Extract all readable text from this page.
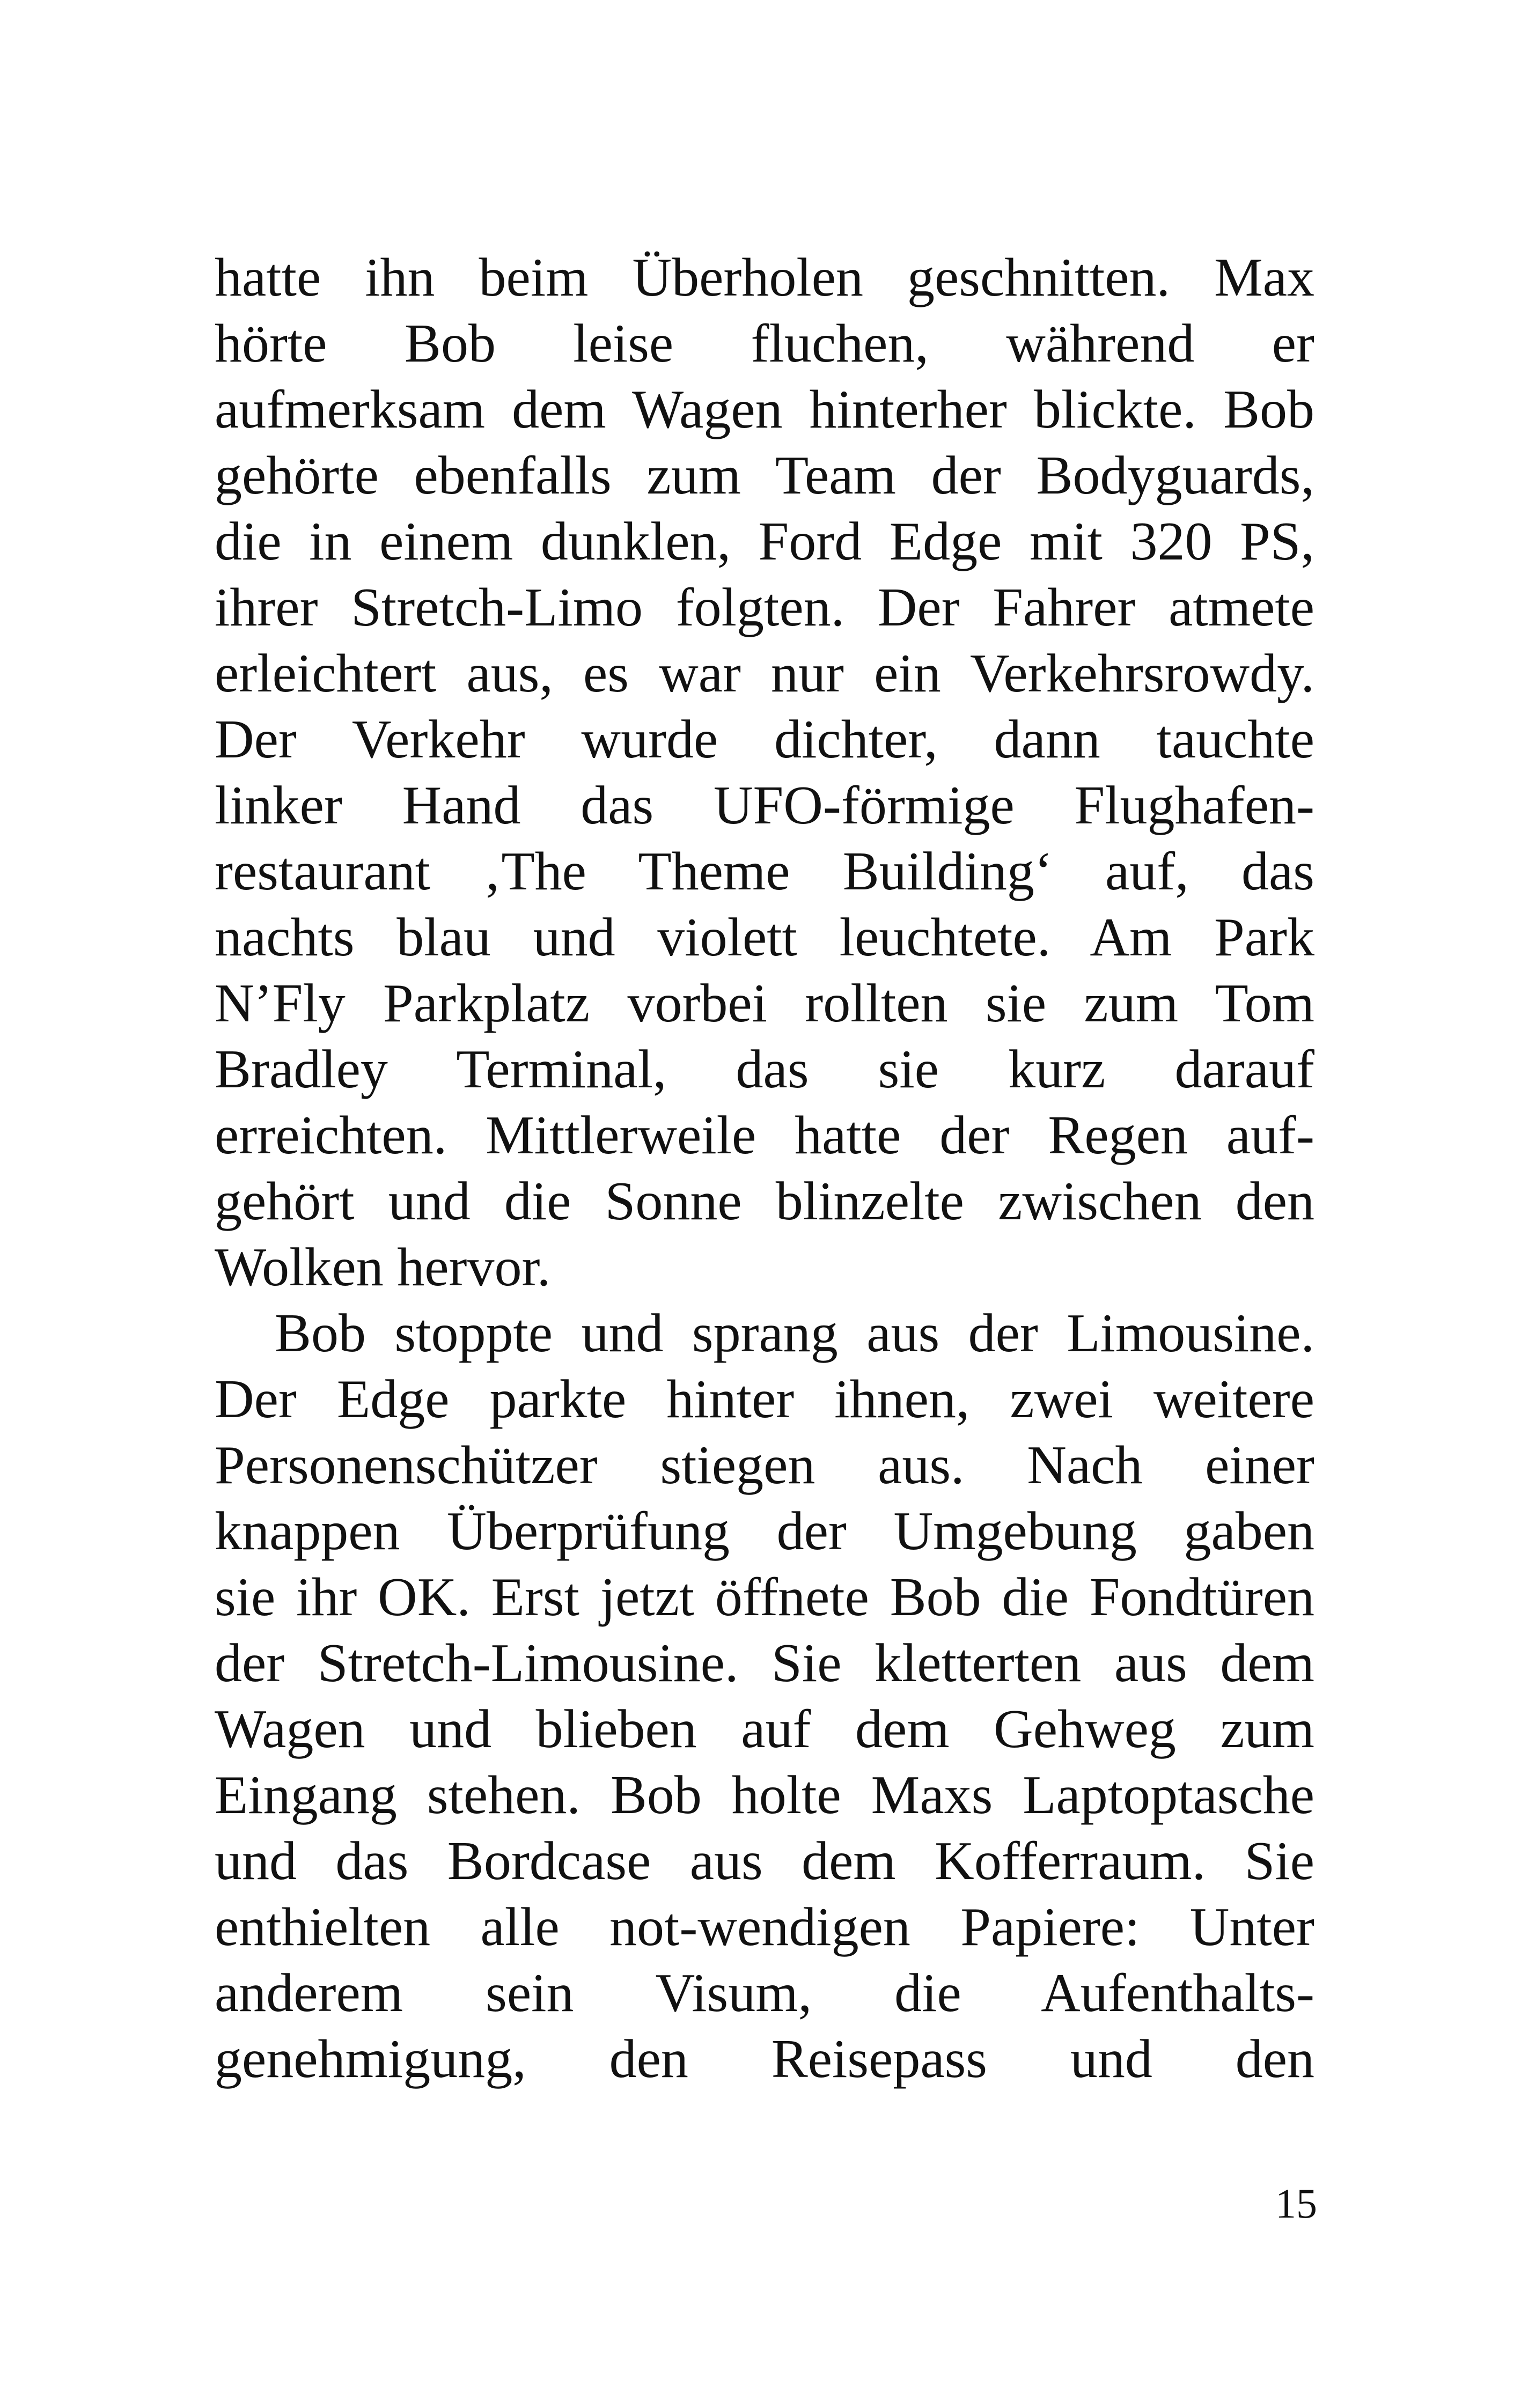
hatte ihn beim Überholen geschnitten. Max
hörte Bob leise fluchen, während er
aufmerksam dem Wagen hinterher blickte. Bob
gehörte ebenfalls zum Team der Bodyguards,
die in einem dunklen, Ford Edge mit 320 PS,
ihrer Stretch-Limo folgten. Der Fahrer atmete
erleichtert aus, es war nur ein Verkehrsrowdy.
Der Verkehr wurde dichter, dann tauchte
linker Hand das UFO-förmige Flughafen-
restaurant ‚The Theme Building‘ auf, das
nachts blau und violett leuchtete. Am Park
N’Fly Parkplatz vorbei rollten sie zum Tom
Bradley Terminal, das sie kurz darauf
erreichten. Mittlerweile hatte der Regen auf-
gehört und die Sonne blinzelte zwischen den
Wolken hervor.
Bob stoppte und sprang aus der Limousine.
Der Edge parkte hinter ihnen, zwei weitere
Personenschützer stiegen aus. Nach einer
knappen Überprüfung der Umgebung gaben
sie ihr OK. Erst jetzt öffnete Bob die Fondtüren
der Stretch-Limousine. Sie kletterten aus dem
Wagen und blieben auf dem Gehweg zum
Eingang stehen. Bob holte Maxs Laptoptasche
und das Bordcase aus dem Kofferraum. Sie
enthielten alle not-wendigen Papiere: Unter
anderem sein Visum, die Aufenthalts-
genehmigung, den Reisepass und den
15
